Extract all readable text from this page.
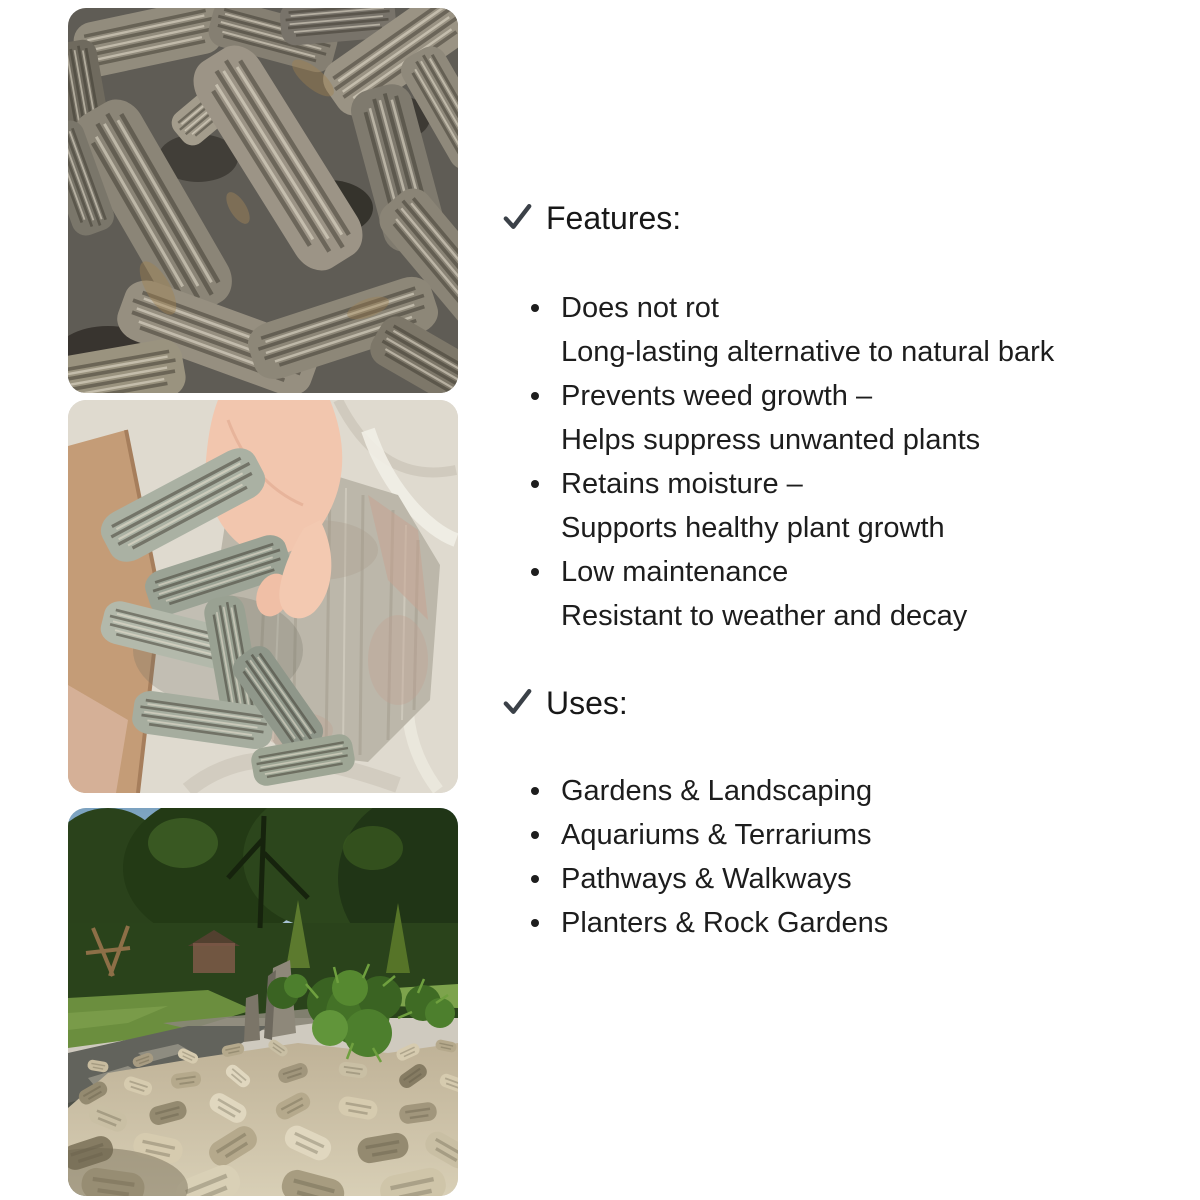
Features:
Does not rot
Long-lasting alternative to natural bark
Prevents weed growth –
Helps suppress unwanted plants
Retains moisture –
Supports healthy plant growth
Low maintenance
Resistant to weather and decay
Uses:
Gardens & Landscaping
Aquariums & Terrariums
Pathways & Walkways
Planters & Rock Gardens
